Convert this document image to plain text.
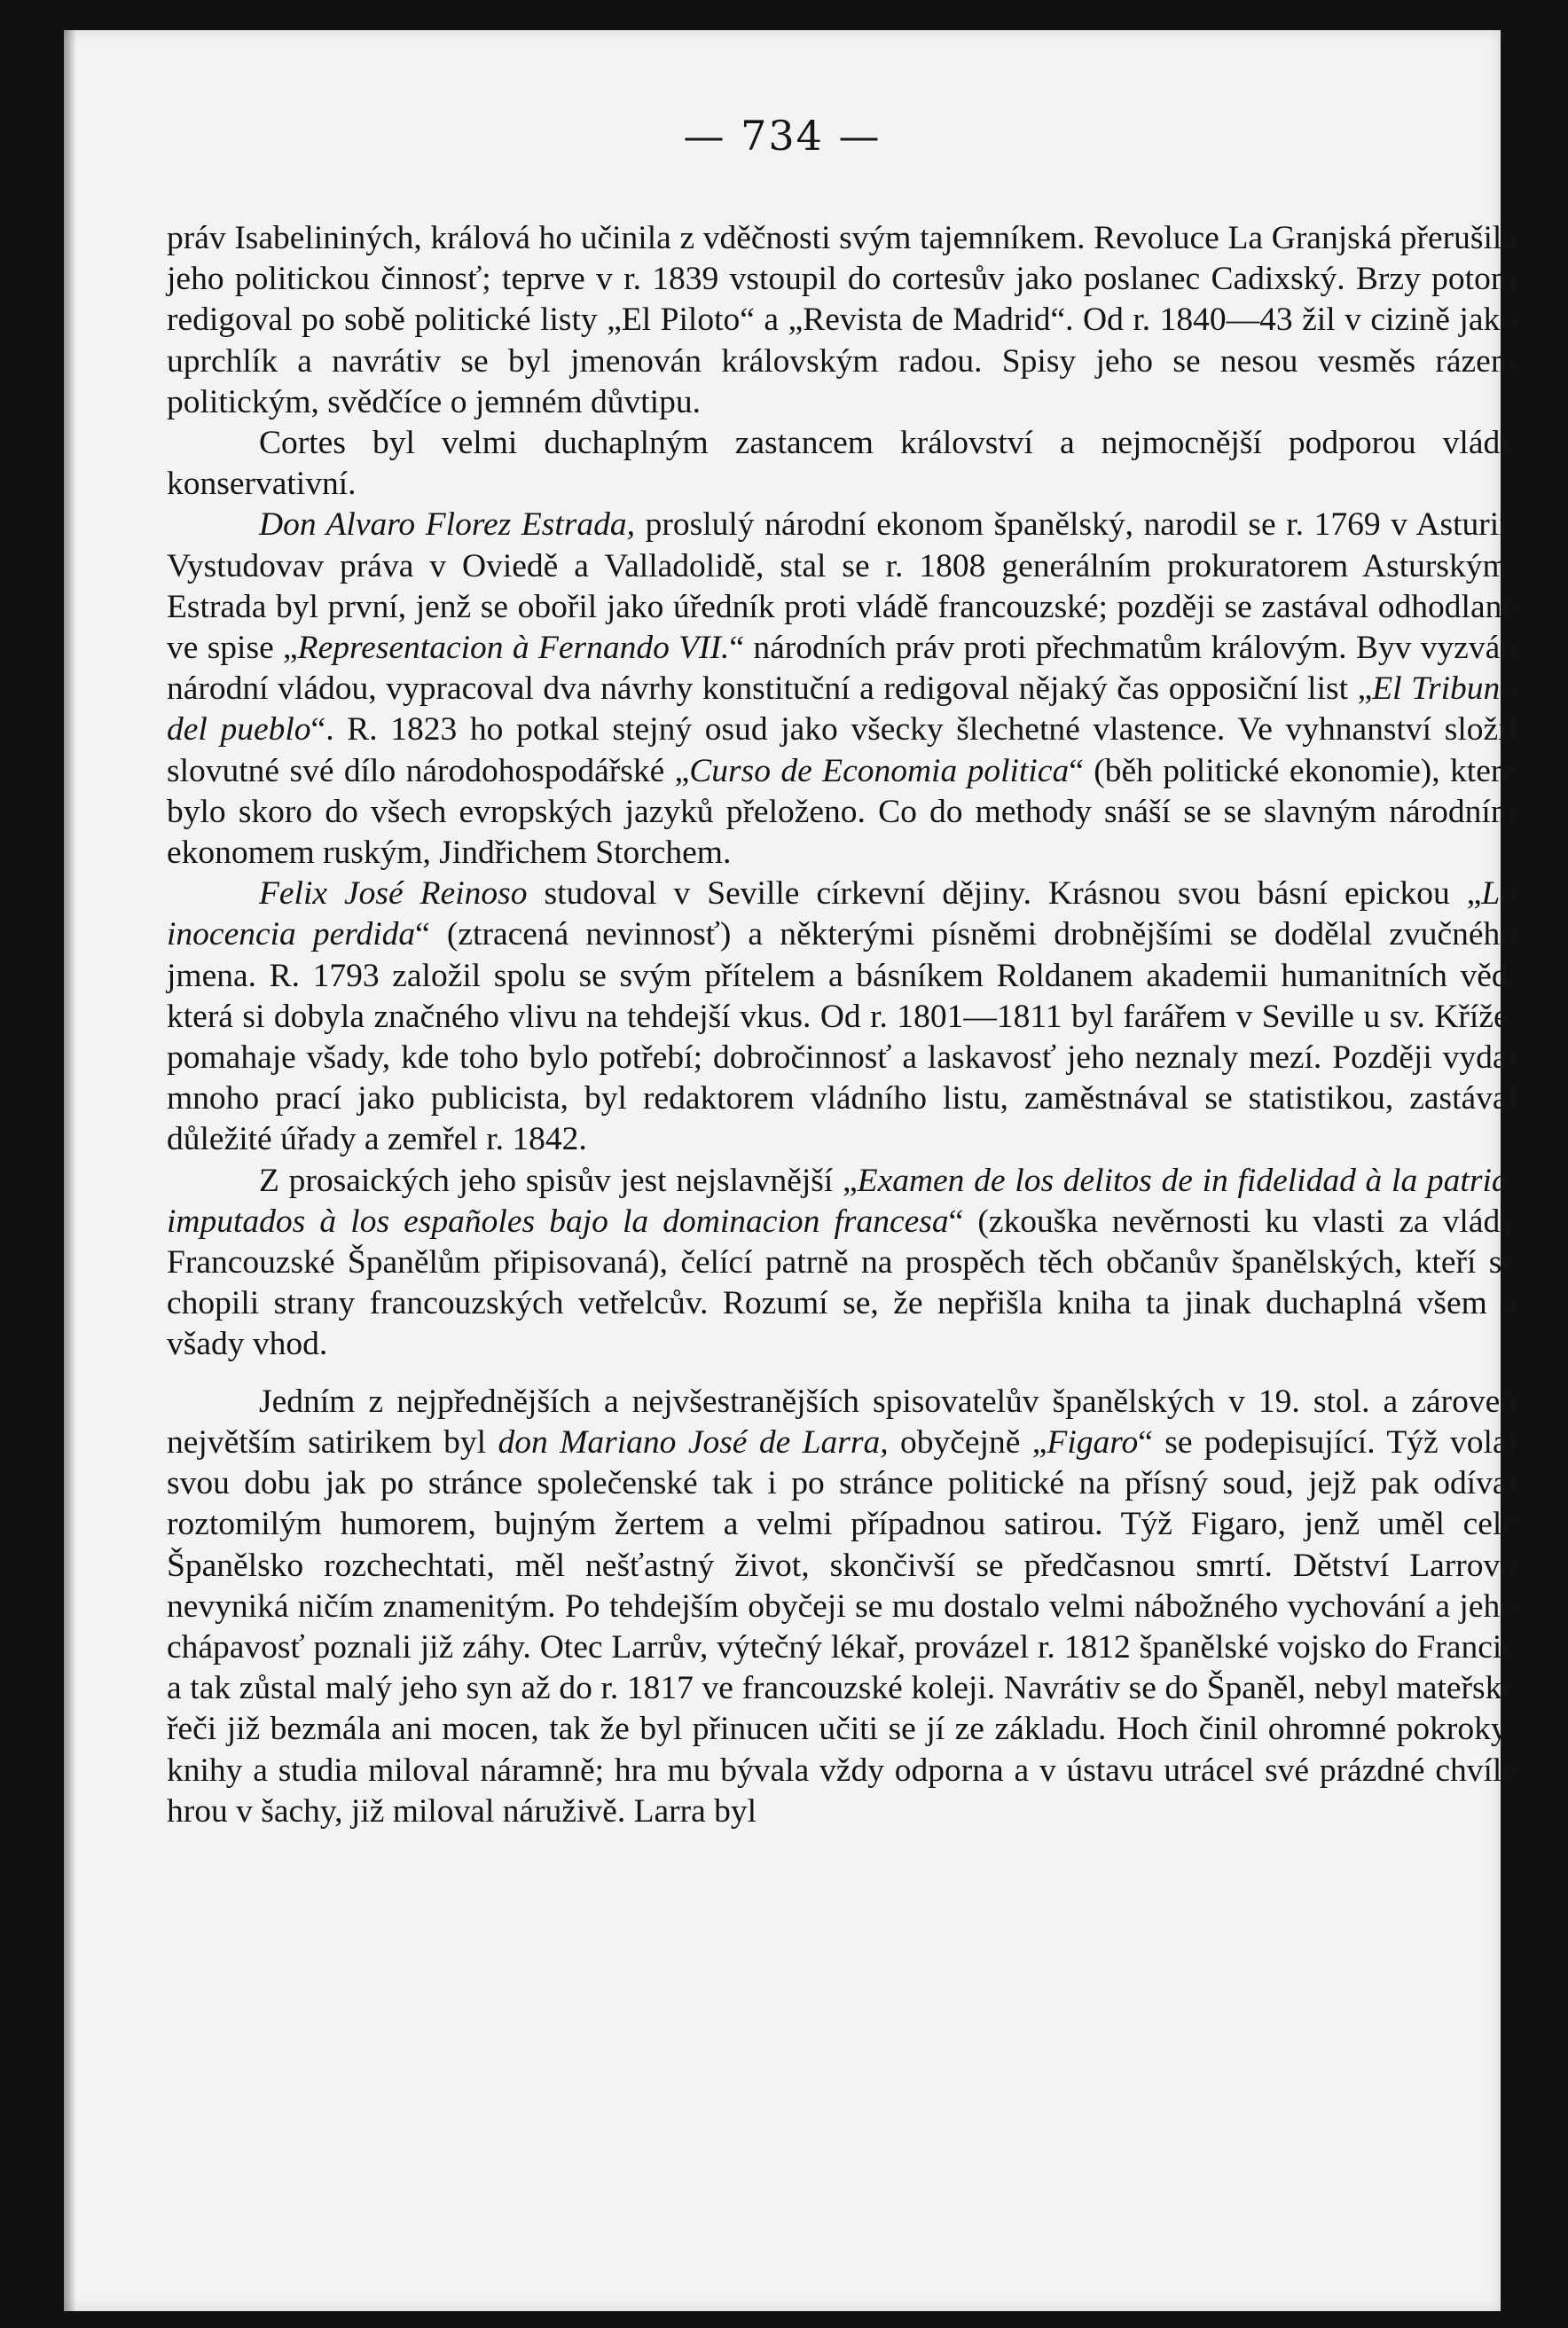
— 734 —

práv Isabelininých, králová ho učinila z vděčnosti svým tajemníkem. Revoluce La Granjská přerušila jeho politickou činnosť; teprve v r. 1839 vstoupil do cortesův jako poslanec Cadixský. Brzy potom redigoval po sobě politické listy „El Piloto“ a „Revista de Madrid“. Od r. 1840—43 žil v cizině jako uprchlík a navrátiv se byl jmenován královským radou. Spisy jeho se nesou vesměs rázem politickým, svědčíce o jemném důvtipu.

Cortes byl velmi duchaplným zastancem království a nejmocnější podporou vlády konservativní.

Don Alvaro Florez Estrada, proslulý národní ekonom španělský, narodil se r. 1769 v Asturii. Vystudovav práva v Oviedě a Valladolidě, stal se r. 1808 generálním prokuratorem Asturským. Estrada byl první, jenž se obořil jako úředník proti vládě francouzské; později se zastával odhodlaně ve spise „Representacion à Fernando VII.“ národních práv proti přechmatům královým. Byv vyzván národní vládou, vypracoval dva návrhy konstituční a redigoval nějaký čas opposiční list „El Tribuno del pueblo“. R. 1823 ho potkal stejný osud jako všecky šlechetné vlastence. Ve vyhnanství složil slovutné své dílo národohospodářské „Curso de Economia politica“ (běh politické ekonomie), které bylo skoro do všech evropských jazyků přeloženo. Co do methody snáší se se slavným národním ekonomem ruským, Jindřichem Storchem.

Felix José Reinoso studoval v Seville církevní dějiny. Krásnou svou básní epickou „La inocencia perdida“ (ztracená nevinnosť) a některými písněmi drobnějšími se dodělal zvučného jmena. R. 1793 založil spolu se svým přítelem a básníkem Roldanem akademii humanitních věd, která si dobyla značného vlivu na tehdejší vkus. Od r. 1801—1811 byl farářem v Seville u sv. Kříže, pomahaje všady, kde toho bylo potřebí; dobročinnosť a laskavosť jeho neznaly mezí. Později vydal mnoho prací jako publicista, byl redaktorem vládního listu, zaměstnával se statistikou, zastával důležité úřady a zemřel r. 1842.

Z prosaických jeho spisův jest nejslavnější „Examen de los delitos de in fidelidad à la patria, imputados à los españoles bajo la dominacion francesa“ (zkouška nevěrnosti ku vlasti za vlády Francouzské Španělům připisovaná), čelící patrně na prospěch těch občanův španělských, kteří se chopili strany francouzských vetřelcův. Rozumí se, že nepřišla kniha ta jinak duchaplná všem a všady vhod.

Jedním z nejpřednějších a nejvšestranějších spisovatelův španělských v 19. stol. a zároveň největším satirikem byl don Mariano José de Larra, obyčejně „Figaro“ se podepisující. Týž volal svou dobu jak po stránce společenské tak i po stránce politické na přísný soud, jejž pak odíval roztomilým humorem, bujným žertem a velmi případnou satirou. Týž Figaro, jenž uměl celé Španělsko rozchechtati, měl nešťastný život, skončivší se předčasnou smrtí. Dětství Larrovo nevyniká ničím znamenitým. Po tehdejším obyčeji se mu dostalo velmi nábožného vychování a jeho chápavosť poznali již záhy. Otec Larrův, výtečný lékař, provázel r. 1812 španělské vojsko do Francie a tak zůstal malý jeho syn až do r. 1817 ve francouzské koleji. Navrátiv se do Španěl, nebyl mateřské řeči již bezmála ani mocen, tak že byl přinucen učiti se jí ze základu. Hoch činil ohromné pokroky; knihy a studia miloval náramně; hra mu bývala vždy odporna a v ústavu utrácel své prázdné chvíle hrou v šachy, již miloval náruživě. Larra byl
